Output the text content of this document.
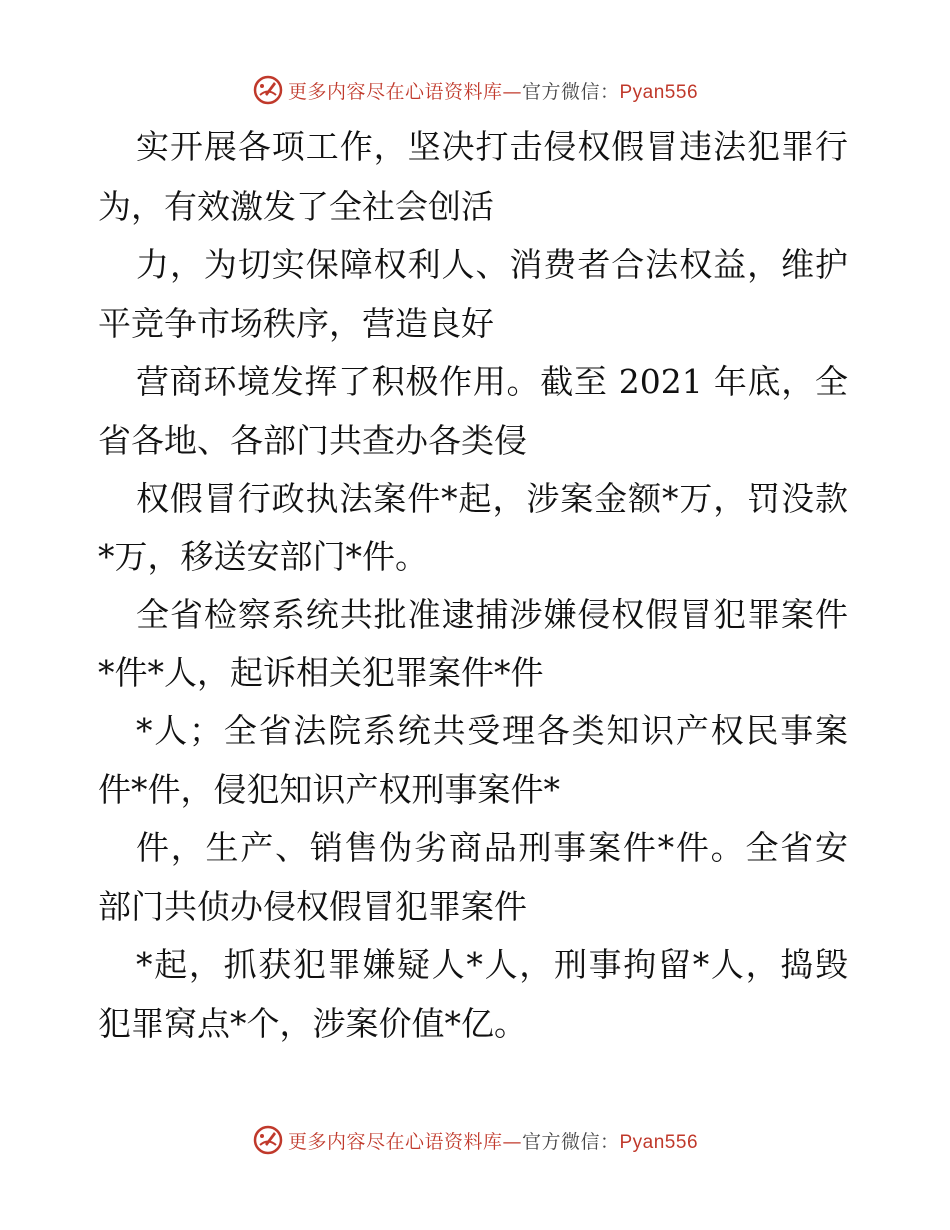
更多内容尽在心语资料库 — 官方微信： Pyan556
实开展各项工作，坚决打击侵权假冒违法犯罪行
为，有效激发了全社会创活
力，为切实保障权利人、消费者合法权益，维护
平竞争市场秩序，营造良好
营商环境发挥了积极作用。截至 2021 年底，全
省各地、各部门共查办各类侵
权假冒行政执法案件*起，涉案金额*万，罚没款
*万，移送安部门*件。
全省检察系统共批准逮捕涉嫌侵权假冒犯罪案件
*件*人，起诉相关犯罪案件*件
*人；全省法院系统共受理各类知识产权民事案
件*件，侵犯知识产权刑事案件*
件，生产、销售伪劣商品刑事案件*件。全省安
部门共侦办侵权假冒犯罪案件
*起，抓获犯罪嫌疑人*人，刑事拘留*人，捣毁
犯罪窝点*个，涉案价值*亿。
更多内容尽在心语资料库 — 官方微信： Pyan556
